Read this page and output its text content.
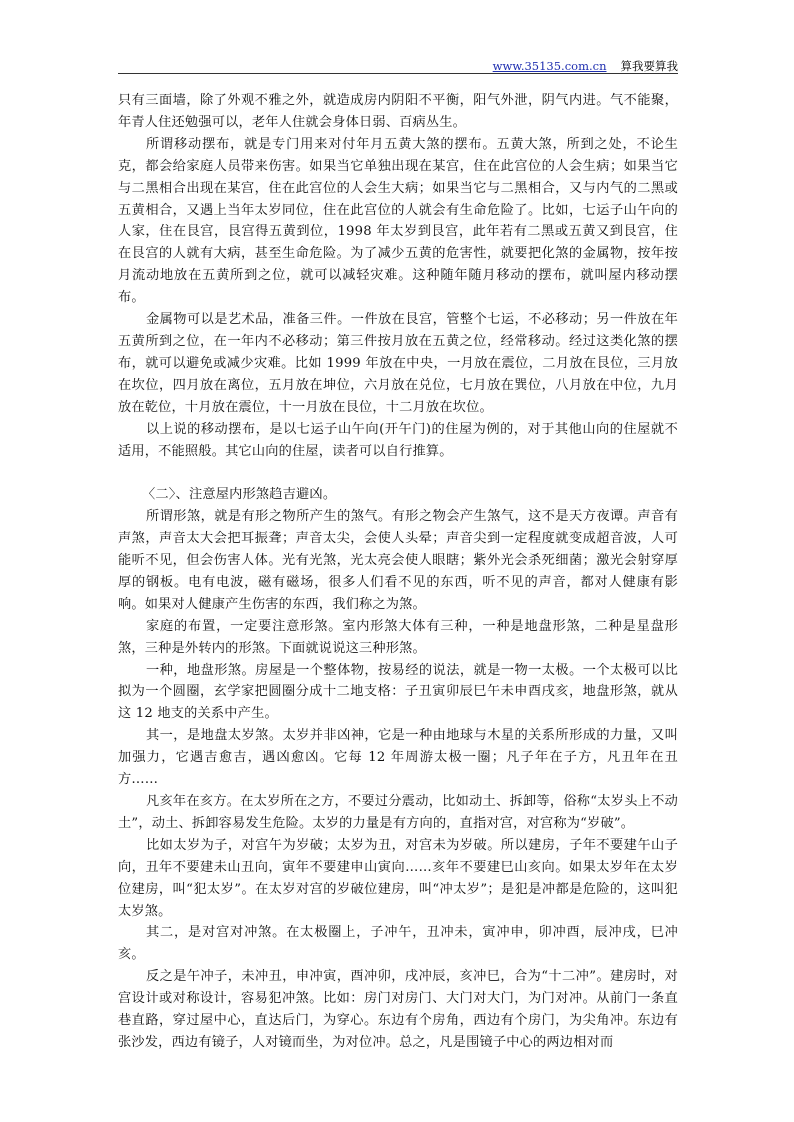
www.35135.com.cn 算我要算我

只有三面墙，除了外观不雅之外，就造成房内阴阳不平衡，阳气外泄，阴气内进。气不能聚，年青人住还勉强可以，老年人住就会身体日弱、百病丛生。

所谓移动摆布，就是专门用来对付年月五黄大煞的摆布。五黄大煞，所到之处，不论生克，都会给家庭人员带来伤害。如果当它单独出现在某宫，住在此宫位的人会生病；如果当它与二黑相合出现在某宫，住在此宫位的人会生大病；如果当它与二黑相合，又与内气的二黑或五黄相合，又遇上当年太岁同位，住在此宫位的人就会有生命危险了。比如，七运子山午向的人家，住在艮宫，艮宫得五黄到位，1998 年太岁到艮宫，此年若有二黑或五黄又到艮宫，住在艮宫的人就有大病，甚至生命危险。为了减少五黄的危害性，就要把化煞的金属物，按年按月流动地放在五黄所到之位，就可以减轻灾难。这种随年随月移动的摆布，就叫屋内移动摆布。

金属物可以是艺术品，准备三件。一件放在艮宫，管整个七运，不必移动；另一件放在年五黄所到之位，在一年内不必移动；第三件按月放在五黄之位，经常移动。经过这类化煞的摆布，就可以避免或减少灾难。比如 1999 年放在中央，一月放在震位，二月放在艮位，三月放在坎位，四月放在离位，五月放在坤位，六月放在兑位，七月放在巽位，八月放在中位，九月放在乾位，十月放在震位，十一月放在艮位，十二月放在坎位。

以上说的移动摆布，是以七运子山午向(开午门)的住屋为例的，对于其他山向的住屋就不适用，不能照般。其它山向的住屋，读者可以自行推算。

〈二〉、注意屋内形煞趋吉避凶。

所谓形煞，就是有形之物所产生的煞气。有形之物会产生煞气，这不是天方夜谭。声音有声煞，声音太大会把耳振聋；声音太尖，会使人头晕；声音尖到一定程度就变成超音波，人可能听不见，但会伤害人体。光有光煞，光太亮会使人眼瞎；紫外光会杀死细菌；激光会射穿厚厚的钢板。电有电波，磁有磁场，很多人们看不见的东西，听不见的声音，都对人健康有影响。如果对人健康产生伤害的东西，我们称之为煞。

家庭的布置，一定要注意形煞。室内形煞大体有三种，一种是地盘形煞，二种是星盘形煞，三种是外转内的形煞。下面就说说这三种形煞。

一种，地盘形煞。房屋是一个整体物，按易经的说法，就是一物一太极。一个太极可以比拟为一个圆圈，玄学家把圆圈分成十二地支格：子丑寅卯辰巳午未申酉戌亥，地盘形煞，就从这 12 地支的关系中产生。

其一，是地盘太岁煞。太岁并非凶神，它是一种由地球与木星的关系所形成的力量，又叫加强力，它遇吉愈吉，遇凶愈凶。它每 12 年周游太极一圈；凡子年在子方，凡丑年在丑方……

凡亥年在亥方。在太岁所在之方，不要过分震动，比如动土、拆卸等，俗称“太岁头上不动土”，动土、拆卸容易发生危险。太岁的力量是有方向的，直指对宫，对宫称为“岁破”。

比如太岁为子，对宫午为岁破；太岁为丑，对宫未为岁破。所以建房，子年不要建午山子向，丑年不要建未山丑向，寅年不要建申山寅向……亥年不要建巳山亥向。如果太岁年在太岁位建房，叫“犯太岁”。在太岁对宫的岁破位建房，叫“冲太岁”；是犯是冲都是危险的，这叫犯太岁煞。

其二，是对宫对冲煞。在太极圈上，子冲午，丑冲未，寅冲申，卯冲酉，辰冲戌，巳冲亥。

反之是午冲子，未冲丑，申冲寅，酉冲卯，戌冲辰，亥冲巳，合为“十二冲”。建房时，对宫设计或对称设计，容易犯冲煞。比如：房门对房门、大门对大门，为门对冲。从前门一条直巷直路，穿过屋中心，直达后门，为穿心。东边有个房角，西边有个房门，为尖角冲。东边有张沙发，西边有镜子，人对镜而坐，为对位冲。总之，凡是围镜子中心的两边相对而
